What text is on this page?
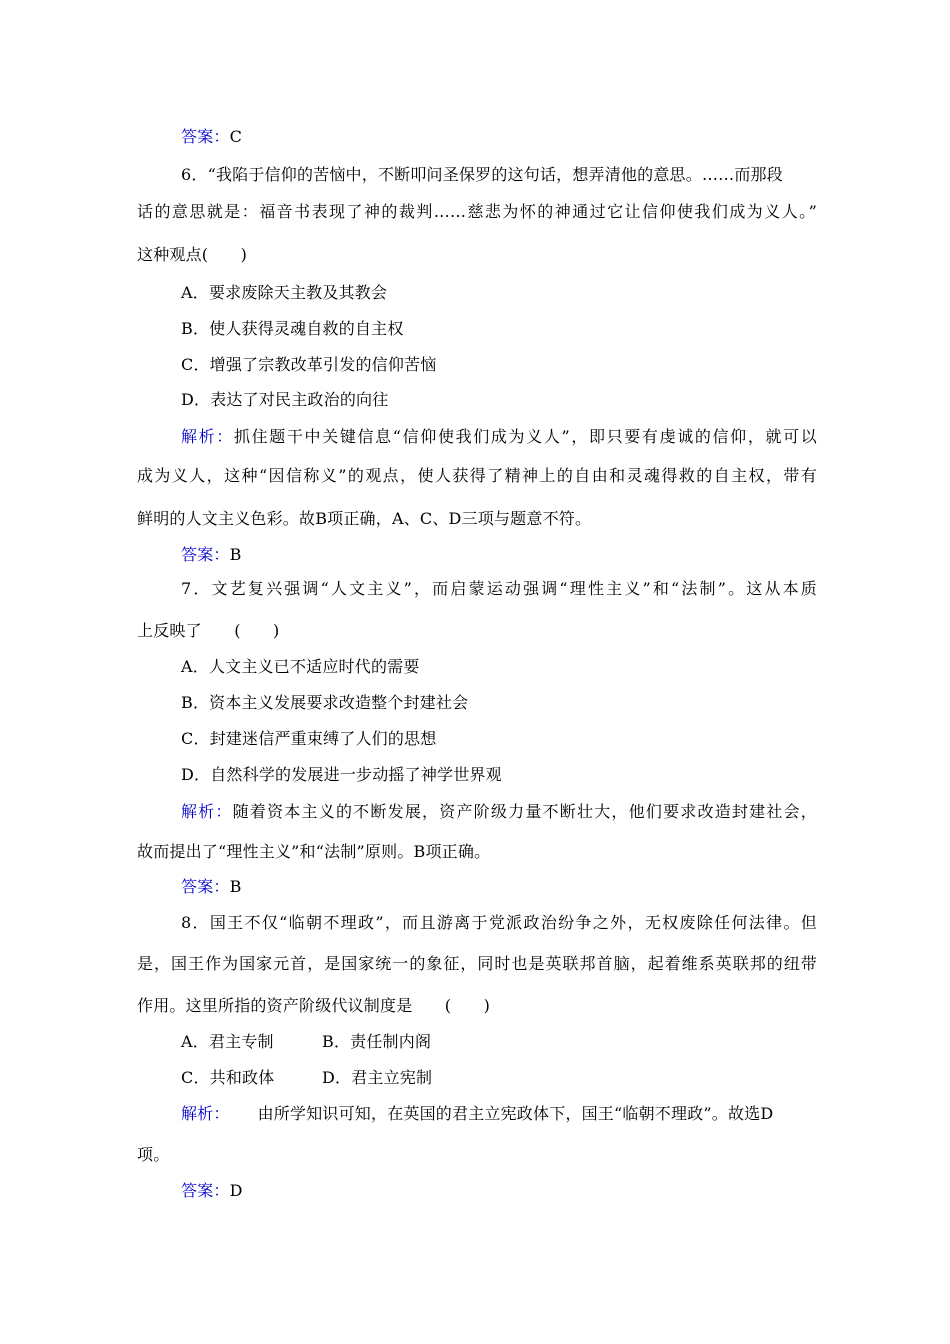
答案：C
6．“我陷于信仰的苦恼中，不断叩问圣保罗的这句话，想弄清他的意思。……而那段
话的意思就是：福音书表现了神的裁判……慈悲为怀的神通过它让信仰使我们成为义人。”
这种观点(　　)
A．要求废除天主教及其教会
B．使人获得灵魂自救的自主权
C．增强了宗教改革引发的信仰苦恼
D．表达了对民主政治的向往
解析：抓住题干中关键信息“信仰使我们成为义人”，即只要有虔诚的信仰，就可以
成为义人，这种“因信称义”的观点，使人获得了精神上的自由和灵魂得救的自主权，带有
鲜明的人文主义色彩。故B项正确，A、C、D三项与题意不符。
答案：B
7．文艺复兴强调“人文主义”，而启蒙运动强调“理性主义”和“法制”。这从本质
上反映了　　(　　)
A．人文主义已不适应时代的需要
B．资本主义发展要求改造整个封建社会
C．封建迷信严重束缚了人们的思想
D．自然科学的发展进一步动摇了神学世界观
解析：随着资本主义的不断发展，资产阶级力量不断壮大，他们要求改造封建社会，
故而提出了“理性主义”和“法制”原则。B项正确。
答案：B
8．国王不仅“临朝不理政”，而且游离于党派政治纷争之外，无权废除任何法律。但
是，国王作为国家元首，是国家统一的象征，同时也是英联邦首脑，起着维系英联邦的纽带
作用。这里所指的资产阶级代议制度是　　(　　)
A．君主专制	B．责任制内阁
C．共和政体	D．君主立宪制
解析： 由所学知识可知，在英国的君主立宪政体下，国王“临朝不理政”。故选D
项。
答案：D
